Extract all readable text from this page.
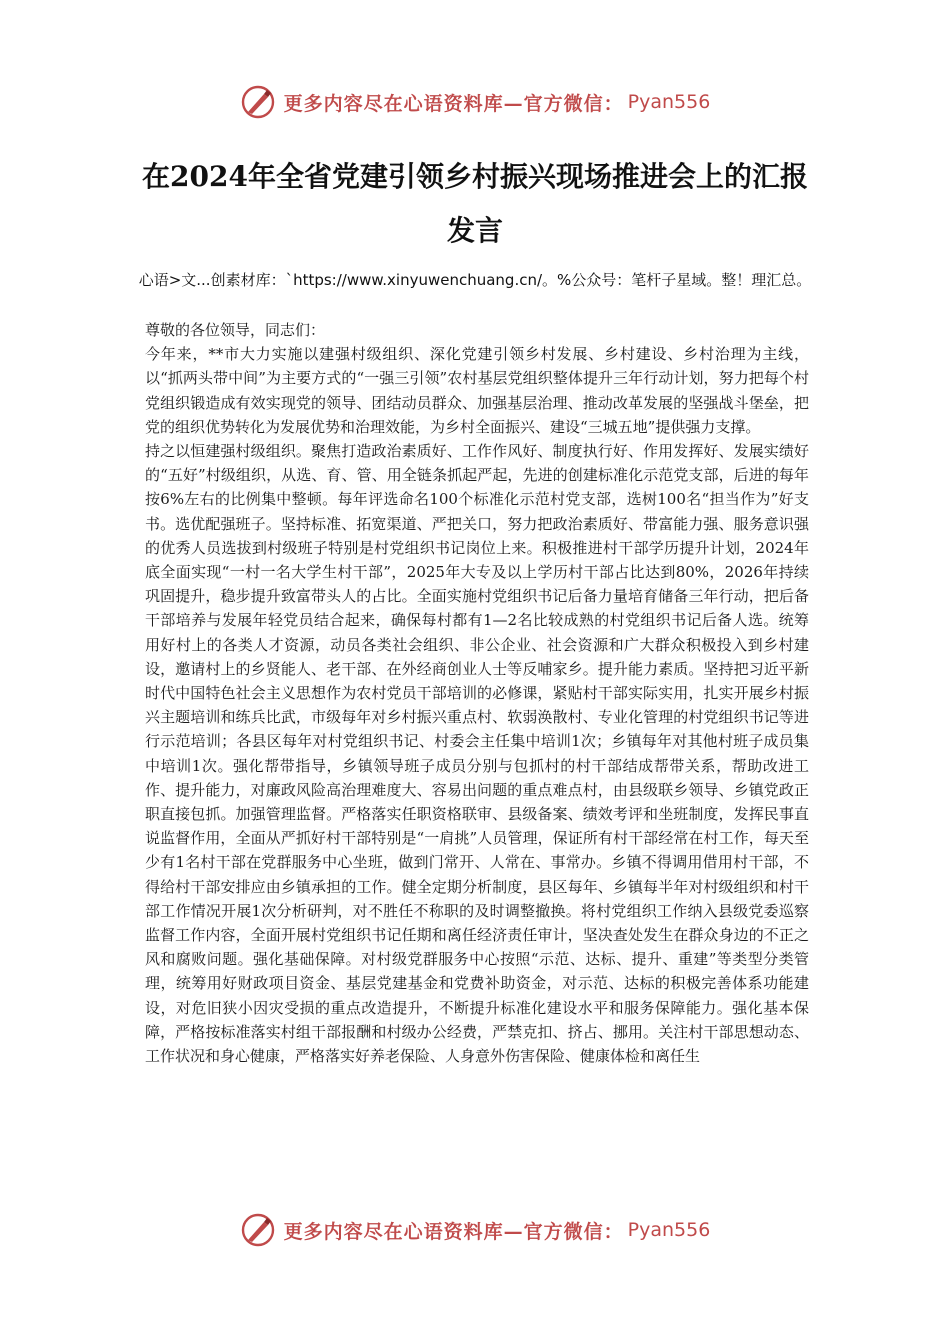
更多内容尽在心语资料库—官方微信： Pyan556
在2024年全省党建引领乡村振兴现场推进会上的汇报发言
心语>文...创素材库：`https://www.xinyuwenchuang.cn/。%公众号：笔杆子星域。整！理汇总。

尊敬的各位领导，同志们：

今年来，**市大力实施以建强村级组织、深化党建引领乡村发展、乡村建设、乡村治理为主线，以“抓两头带中间”为主要方式的“一强三引领”农村基层党组织整体提升三年行动计划，努力把每个村党组织锻造成有效实现党的领导、团结动员群众、加强基层治理、推动改革发展的坚强战斗堡垒，把党的组织优势转化为发展优势和治理效能，为乡村全面振兴、建设“三城五地”提供强力支撑。

持之以恒建强村级组织。聚焦打造政治素质好、工作作风好、制度执行好、作用发挥好、发展实绩好的“五好”村级组织，从选、育、管、用全链条抓起严起，先进的创建标准化示范党支部，后进的每年按6%左右的比例集中整顿。每年评选命名100个标准化示范村党支部，选树100名“担当作为”好支书。选优配强班子。坚持标准、拓宽渠道、严把关口，努力把政治素质好、带富能力强、服务意识强的优秀人员选拔到村级班子特别是村党组织书记岗位上来。积极推进村干部学历提升计划，2024年底全面实现“一村一名大学生村干部”，2025年大专及以上学历村干部占比达到80%，2026年持续巩固提升，稳步提升致富带头人的占比。全面实施村党组织书记后备力量培育储备三年行动，把后备干部培养与发展年轻党员结合起来，确保每村都有1—2名比较成熟的村党组织书记后备人选。统筹用好村上的各类人才资源，动员各类社会组织、非公企业、社会资源和广大群众积极投入到乡村建设，邀请村上的乡贤能人、老干部、在外经商创业人士等反哺家乡。提升能力素质。坚持把习近平新时代中国特色社会主义思想作为农村党员干部培训的必修课，紧贴村干部实际实用，扎实开展乡村振兴主题培训和练兵比武，市级每年对乡村振兴重点村、软弱涣散村、专业化管理的村党组织书记等进行示范培训；各县区每年对村党组织书记、村委会主任集中培训1次；乡镇每年对其他村班子成员集中培训1次。强化帮带指导，乡镇领导班子成员分别与包抓村的村干部结成帮带关系，帮助改进工作、提升能力，对廉政风险高治理难度大、容易出问题的重点难点村，由县级联乡领导、乡镇党政正职直接包抓。加强管理监督。严格落实任职资格联审、县级备案、绩效考评和坐班制度，发挥民事直说监督作用，全面从严抓好村干部特别是“一肩挑”人员管理，保证所有村干部经常在村工作，每天至少有1名村干部在党群服务中心坐班，做到门常开、人常在、事常办。乡镇不得调用借用村干部，不得给村干部安排应由乡镇承担的工作。健全定期分析制度，县区每年、乡镇每半年对村级组织和村干部工作情况开展1次分析研判，对不胜任不称职的及时调整撤换。将村党组织工作纳入县级党委巡察监督工作内容，全面开展村党组织书记任期和离任经济责任审计，坚决查处发生在群众身边的不正之风和腐败问题。强化基础保障。对村级党群服务中心按照“示范、达标、提升、重建”等类型分类管理，统筹用好财政项目资金、基层党建基金和党费补助资金，对示范、达标的积极完善体系功能建设，对危旧狭小因灾受损的重点改造提升，不断提升标准化建设水平和服务保障能力。强化基本保障，严格按标准落实村组干部报酬和村级办公经费，严禁克扣、挤占、挪用。关注村干部思想动态、工作状况和身心健康，严格落实好养老保险、人身意外伤害保险、健康体检和离任生

更多内容尽在心语资料库—官方微信： Pyan556
